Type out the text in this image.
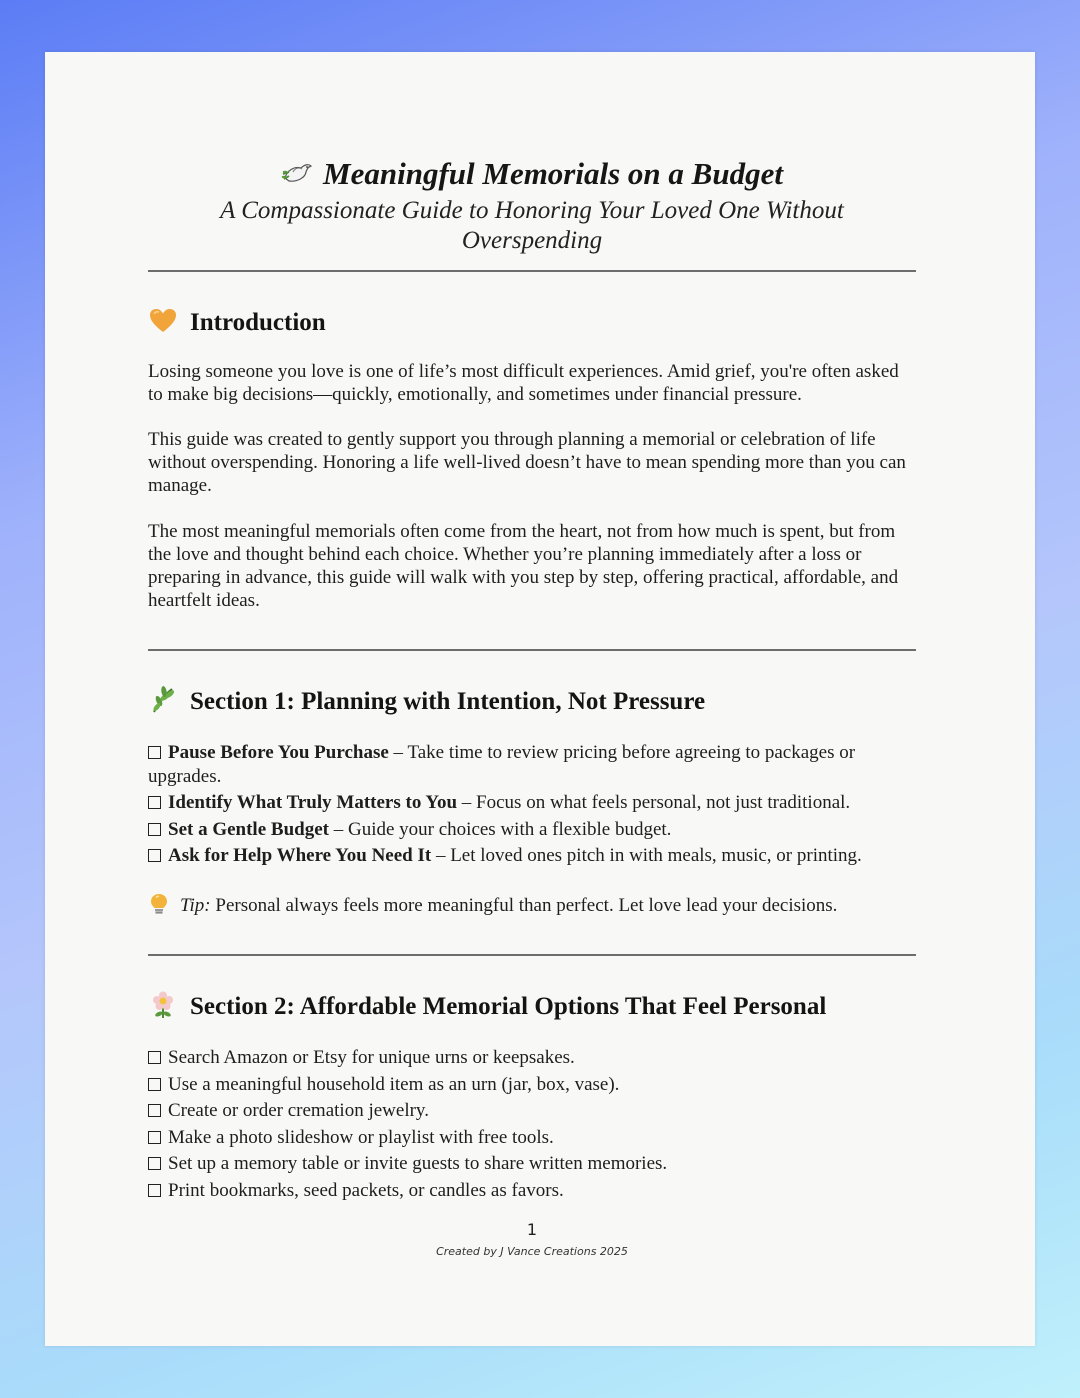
Meaningful Memorials on a Budget
A Compassionate Guide to Honoring Your Loved One Without Overspending
Introduction
Losing someone you love is one of life’s most difficult experiences. Amid grief, you're often asked to make big decisions—quickly, emotionally, and sometimes under financial pressure.
This guide was created to gently support you through planning a memorial or celebration of life without overspending. Honoring a life well-lived doesn’t have to mean spending more than you can manage.
The most meaningful memorials often come from the heart, not from how much is spent, but from the love and thought behind each choice. Whether you’re planning immediately after a loss or preparing in advance, this guide will walk with you step by step, offering practical, affordable, and heartfelt ideas.
Section 1: Planning with Intention, Not Pressure
Pause Before You Purchase – Take time to review pricing before agreeing to packages or upgrades.
Identify What Truly Matters to You – Focus on what feels personal, not just traditional.
Set a Gentle Budget – Guide your choices with a flexible budget.
Ask for Help Where You Need It – Let loved ones pitch in with meals, music, or printing.
Tip: Personal always feels more meaningful than perfect. Let love lead your decisions.
Section 2: Affordable Memorial Options That Feel Personal
Search Amazon or Etsy for unique urns or keepsakes.
Use a meaningful household item as an urn (jar, box, vase).
Create or order cremation jewelry.
Make a photo slideshow or playlist with free tools.
Set up a memory table or invite guests to share written memories.
Print bookmarks, seed packets, or candles as favors.
1
Created by J Vance Creations 2025
